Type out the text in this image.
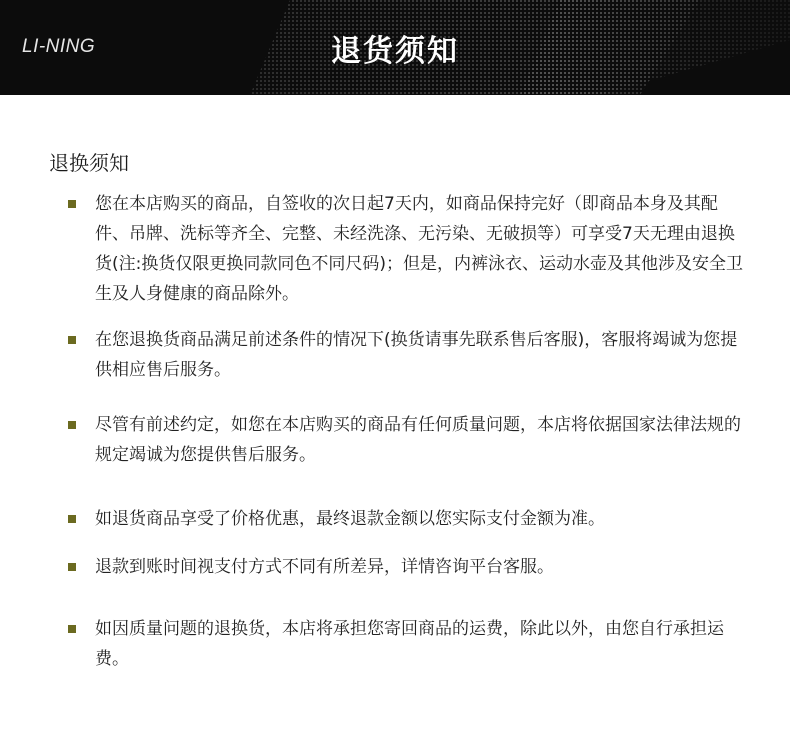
LI-NING	退货须知
退换须知
您在本店购买的商品，自签收的次日起7天内，如商品保持完好（即商品本身及其配件、吊牌、洗标等齐全、完整、未经洗涤、无污染、无破损等）可享受7天无理由退换货(注:换货仅限更换同款同色不同尺码)；但是，内裤泳衣、运动水壶及其他涉及安全卫生及人身健康的商品除外。
在您退换货商品满足前述条件的情况下(换货请事先联系售后客服)，客服将竭诚为您提供相应售后服务。
尽管有前述约定，如您在本店购买的商品有任何质量问题，本店将依据国家法律法规的规定竭诚为您提供售后服务。
如退货商品享受了价格优惠，最终退款金额以您实际支付金额为准。
退款到账时间视支付方式不同有所差异，详情咨询平台客服。
如因质量问题的退换货，本店将承担您寄回商品的运费，除此以外，由您自行承担运费。
